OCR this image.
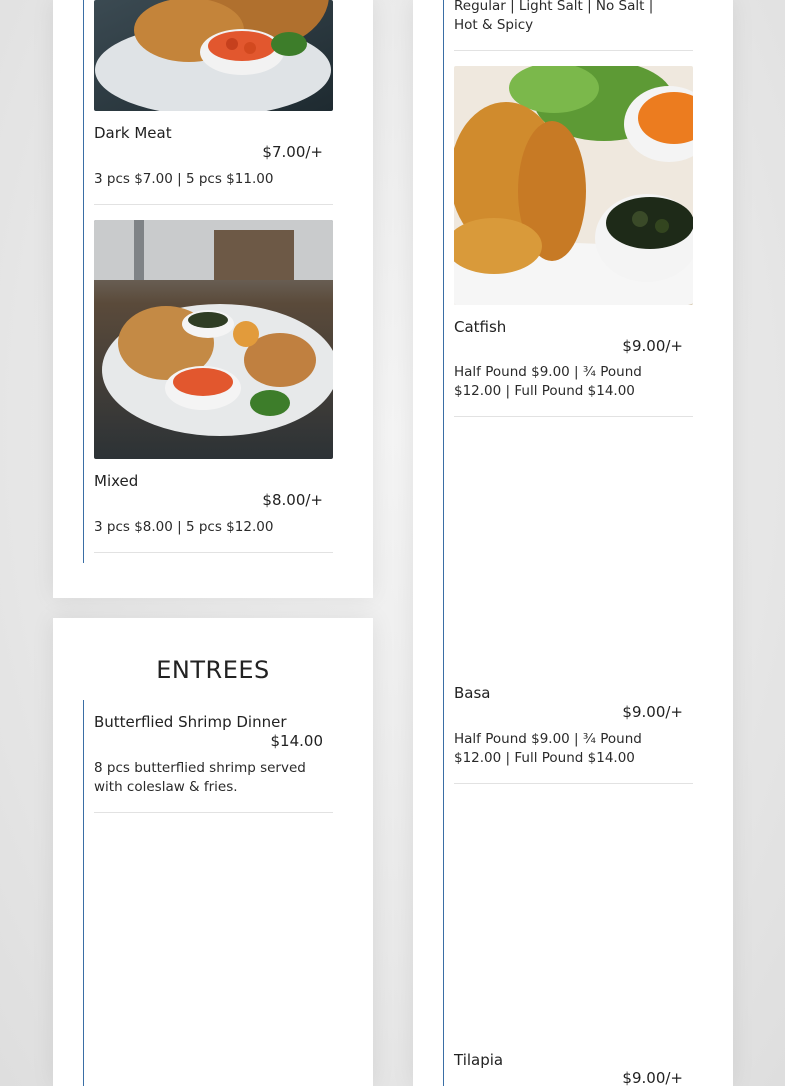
Dark Meat
$7.00/+
3 pcs $7.00 | 5 pcs $11.00
Mixed
$8.00/+
3 pcs $8.00 | 5 pcs $12.00
ENTREES
Butterflied Shrimp Dinner
$14.00
8 pcs butterflied shrimp served with coleslaw & fries.
Regular | Light Salt | No Salt | Hot & Spicy
Catfish
$9.00/+
Half Pound $9.00 | ¾ Pound $12.00 | Full Pound $14.00
Basa
$9.00/+
Half Pound $9.00 | ¾ Pound $12.00 | Full Pound $14.00
Tilapia
$9.00/+
